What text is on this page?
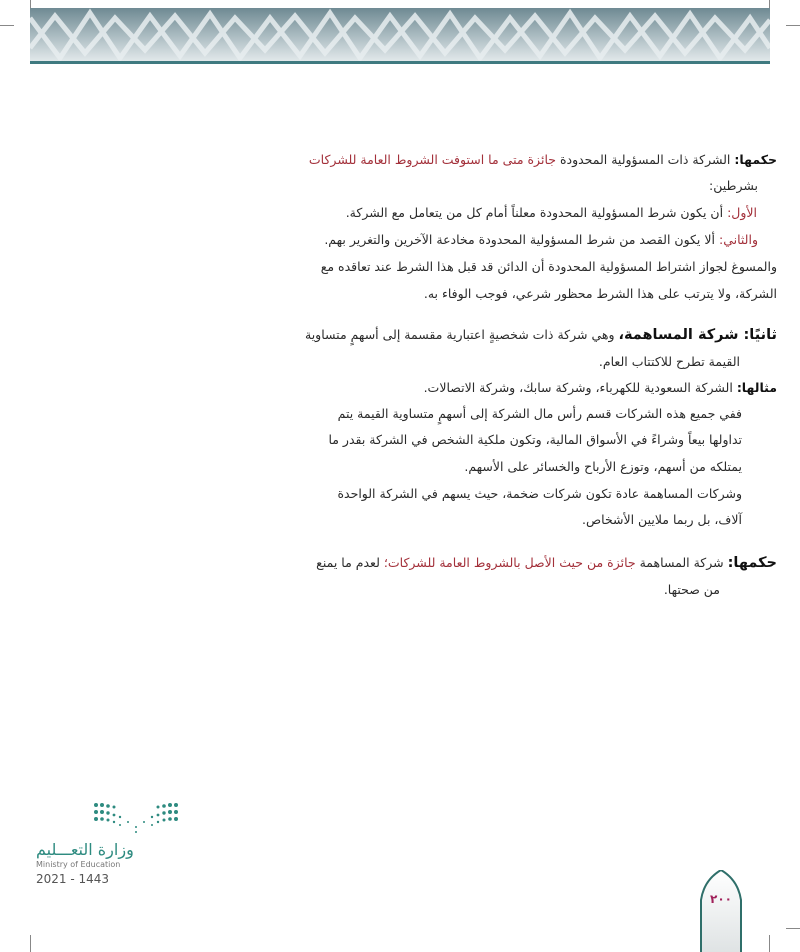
حكمها: الشركة ذات المسؤولية المحدودة جائزة متى ما استوفت الشروط العامة للشركات
بشرطين:
الأول: أن يكون شرط المسؤولية المحدودة معلناً أمام كل من يتعامل مع الشركة.
والثاني: ألا يكون القصد من شرط المسؤولية المحدودة مخادعة الآخرين والتغرير بهم.
والمسوغ لجواز اشتراط المسؤولية المحدودة أن الدائن قد قبل هذا الشرط عند تعاقده مع
الشركة، ولا يترتب على هذا الشرط محظور شرعي، فوجب الوفاء به.
ثانيًا: شركة المساهمة، وهي شركة ذات شخصيةٍ اعتبارية مقسمة إلى أسهمٍ متساوية
القيمة تطرح للاكتتاب العام.
مثالها: الشركة السعودية للكهرباء، وشركة سابك، وشركة الاتصالات.
ففي جميع هذه الشركات قسم رأس مال الشركة إلى أسهمٍ متساوية القيمة يتم
تداولها بيعاً وشراءً في الأسواق المالية، وتكون ملكية الشخص في الشركة بقدر ما
يمتلكه من أسهم، وتوزع الأرباح والخسائر على الأسهم.
وشركات المساهمة عادة تكون شركات ضخمة، حيث يسهم في الشركة الواحدة
آلاف، بل ربما ملايين الأشخاص.
حكمها: شركة المساهمة جائزة من حيث الأصل بالشروط العامة للشركات؛ لعدم ما يمنع
من صحتها.
وزارة التعـــليم
Ministry of Education
2021 - 1443
٢٠٠
